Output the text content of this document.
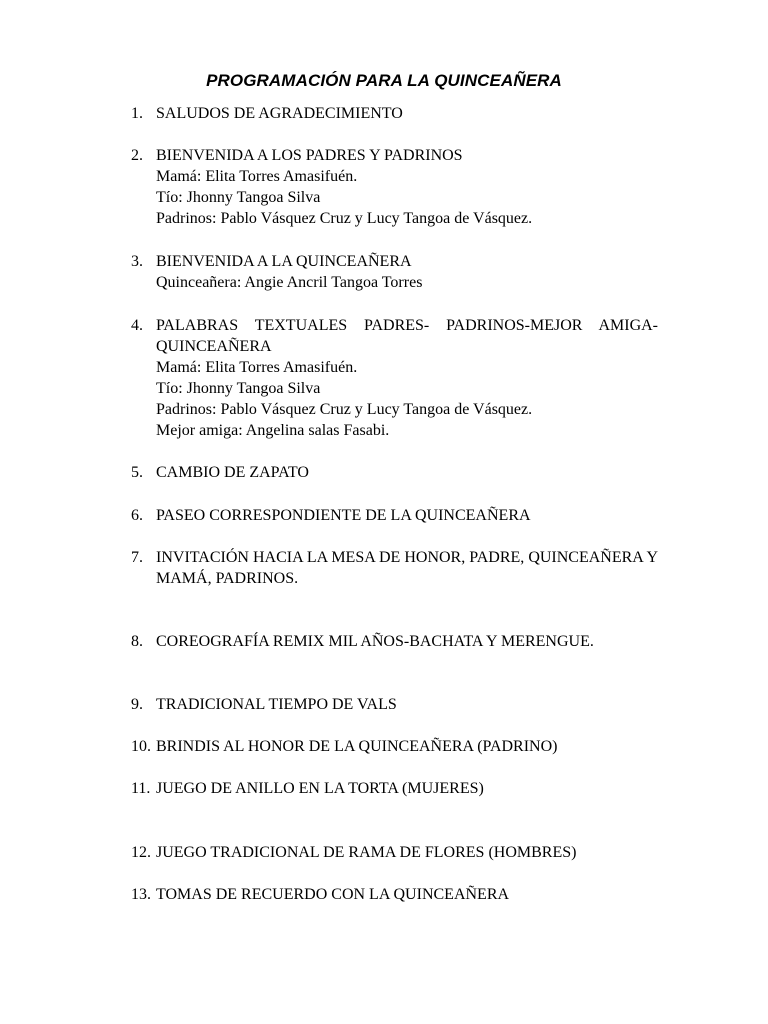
PROGRAMACIÓN PARA LA QUINCEAÑERA
1. SALUDOS DE AGRADECIMIENTO
2. BIENVENIDA A LOS PADRES Y PADRINOS
Mamá: Elita Torres Amasifuén.
Tío: Jhonny Tangoa Silva
Padrinos: Pablo Vásquez Cruz y Lucy Tangoa de Vásquez.
3. BIENVENIDA A LA QUINCEAÑERA
Quinceañera: Angie Ancril Tangoa Torres
4. PALABRAS TEXTUALES PADRES- PADRINOS-MEJOR AMIGA-QUINCEAÑERA
Mamá: Elita Torres Amasifuén.
Tío: Jhonny Tangoa Silva
Padrinos: Pablo Vásquez Cruz y Lucy Tangoa de Vásquez.
Mejor amiga: Angelina salas Fasabi.
5. CAMBIO DE ZAPATO
6. PASEO CORRESPONDIENTE DE LA QUINCEAÑERA
7. INVITACIÓN HACIA LA MESA DE HONOR, PADRE, QUINCEAÑERA Y MAMÁ, PADRINOS.
8. COREOGRAFÍA REMIX MIL AÑOS-BACHATA Y MERENGUE.
9. TRADICIONAL TIEMPO DE VALS
10. BRINDIS AL HONOR DE LA QUINCEAÑERA (PADRINO)
11. JUEGO DE ANILLO EN LA TORTA (MUJERES)
12. JUEGO TRADICIONAL DE RAMA DE FLORES (HOMBRES)
13. TOMAS DE RECUERDO CON LA QUINCEAÑERA
